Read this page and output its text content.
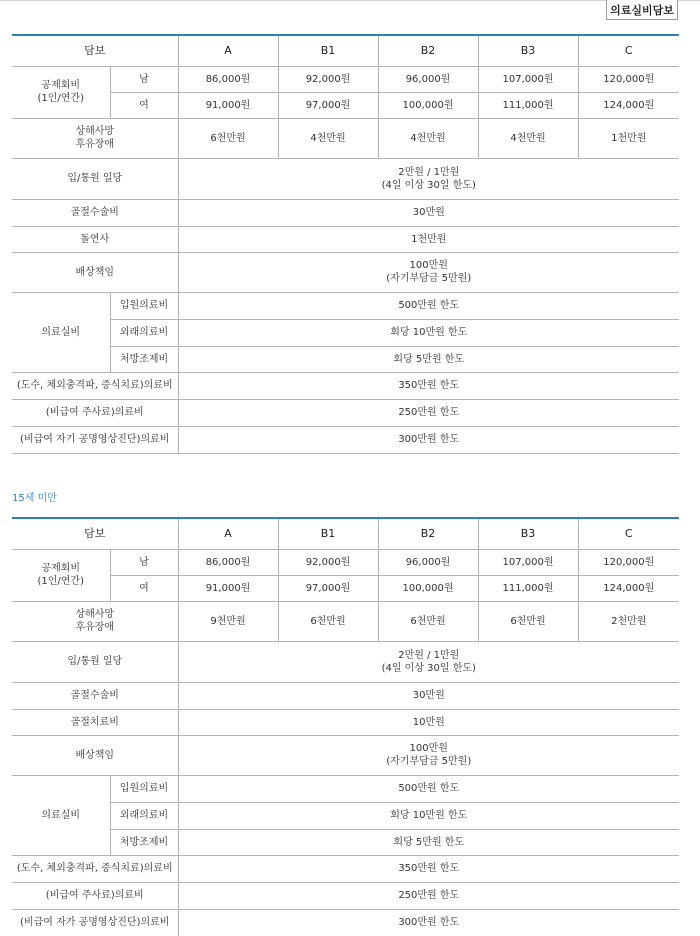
의료실비담보
담보		A	B1	B2	B3	C
공제회비
(1인/연간)	남	86,000원	92,000원	96,000원	107,000원	120,000원
	여	91,000원	97,000원	100,000원	111,000원	124,000원
상해사망
후유장애		6천만원	4천만원	4천만원	4천만원	1천만원
입/통원 일당		2만원 / 1만원
(4일 이상 30일 한도)				
골절수술비		30만원				
돌연사		1천만원				
배상책임		100만원
(자기부담금 5만원)				
의료실비	입원의료비	500만원 한도				
	외래의료비	회당 10만원 한도				
	처방조제비	회당 5만원 한도				
(도수, 체외충격파, 증식치료)의료비		350만원 한도				
(비급여 주사료)의료비		250만원 한도				
(비급여 자기 공명영상진단)의료비		300만원 한도				
15세 미만
담보		A	B1	B2	B3	C
공제회비
(1인/연간)	남	86,000원	92,000원	96,000원	107,000원	120,000원
	여	91,000원	97,000원	100,000원	111,000원	124,000원
상해사망
후유장애		9천만원	6천만원	6천만원	6천만원	2천만원
입/통원 일당		2만원 / 1만원
(4일 이상 30일 한도)				
골절수술비		30만원				
골절치료비		10만원				
배상책임		100만원
(자기부담금 5만원)				
의료실비	입원의료비	500만원 한도				
	외래의료비	회당 10만원 한도				
	처방조제비	회당 5만원 한도				
(도수, 체외충격파, 증식치료)의료비		350만원 한도				
(비급여 주사료)의료비		250만원 한도				
(비급여 자가 공명영상진단)의료비		300만원 한도				
